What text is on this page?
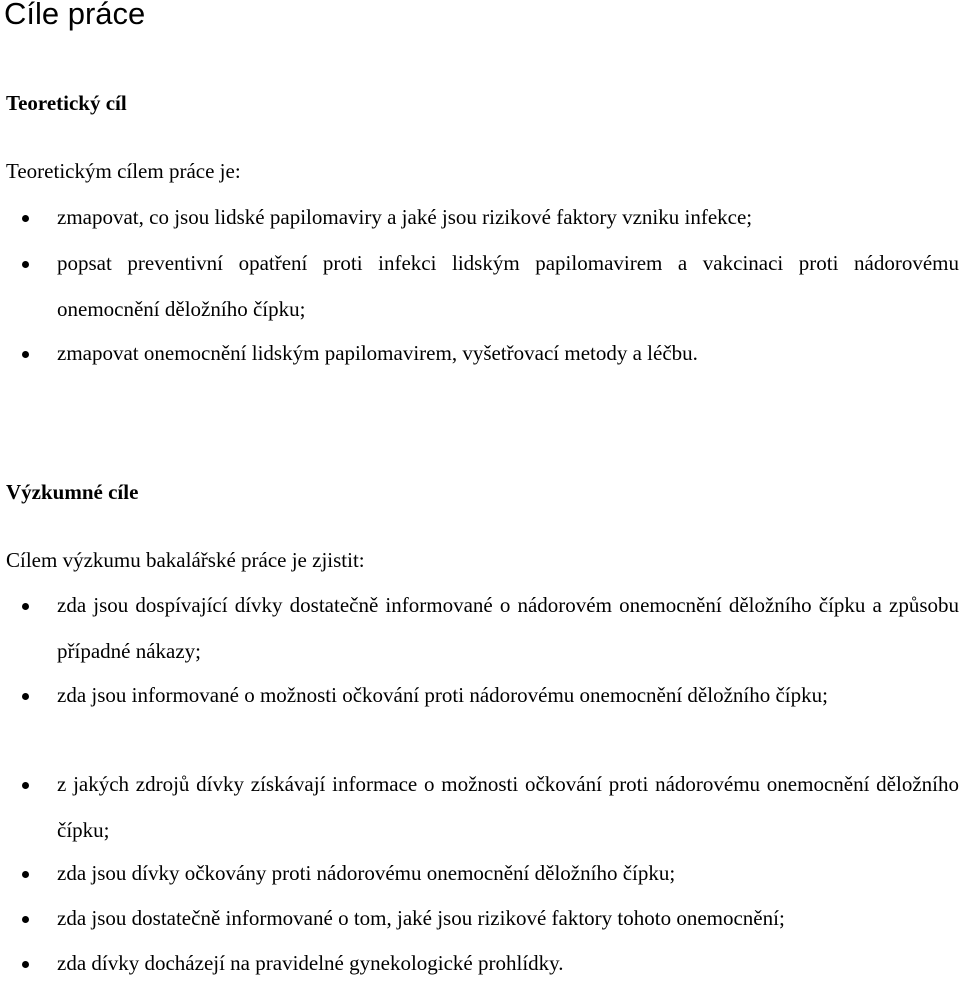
Cíle práce
Teoretický cíl

Teoretickým cílem práce je:

zmapovat, co jsou lidské papilomaviry a jaké jsou rizikové faktory vzniku infekce;
popsat preventivní opatření proti infekci lidským papilomavirem a vakcinaci proti nádorovému onemocnění děložního čípku;
zmapovat onemocnění lidským papilomavirem, vyšetřovací metody a léčbu.
Výzkumné cíle

Cílem výzkumu bakalářské práce je zjistit:

zda jsou dospívající dívky dostatečně informované o nádorovém onemocnění děložního čípku a způsobu případné nákazy;
zda jsou informované o možnosti očkování proti nádorovému onemocnění děložního čípku;
z jakých zdrojů dívky získávají informace o možnosti očkování proti nádorovému onemocnění děložního čípku;
zda jsou dívky očkovány proti nádorovému onemocnění děložního čípku;
zda jsou dostatečně informované o tom, jaké jsou rizikové faktory tohoto onemocnění;
zda dívky docházejí na pravidelné gynekologické prohlídky.
